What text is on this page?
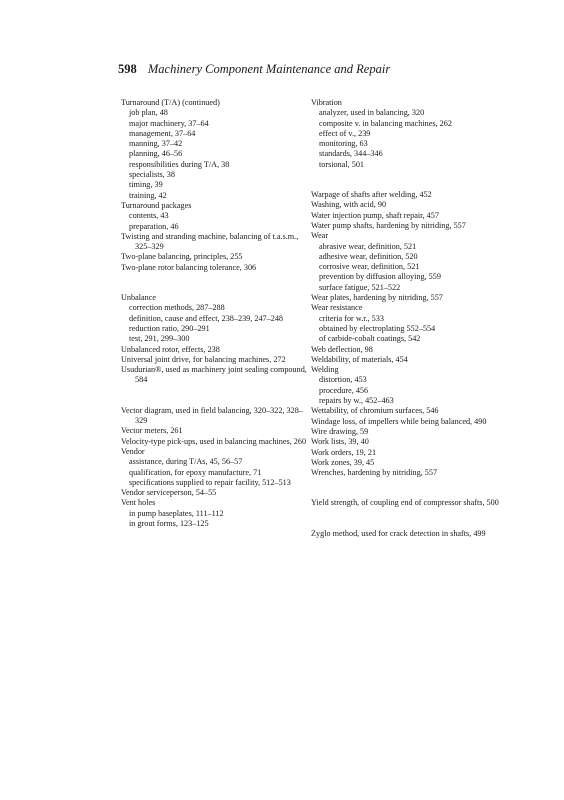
598 Machinery Component Maintenance and Repair
Turnaround (T/A) (continued)
job plan, 48
major machinery, 37–64
management, 37–64
manning, 37–42
planning, 46–56
responsibilities during T/A, 38
specialists, 38
timing, 39
training, 42
Turnaround packages
contents, 43
preparation, 46
Twisting and stranding machine, balancing of t.a.s.m., 325–329
Two-plane balancing, principles, 255
Two-plane rotor balancing tolerance, 306
Unbalance
correction methods, 287–288
definition, cause and effect, 238–239, 247–248
reduction ratio, 290–291
test, 291, 299–300
Unbalanced rotor, effects, 238
Universal joint drive, for balancing machines, 272
Usudurian®, used as machinery joint sealing compound, 584
Vector diagram, used in field balancing, 320–322, 328–329
Vector meters, 261
Velocity-type pick-ups, used in balancing machines, 260
Vendor
assistance, during T/As, 45, 56–57
qualification, for epoxy manufacture, 71
specifications supplied to repair facility, 512–513
Vendor serviceperson, 54–55
Vent holes
in pump baseplates, 111–112
in grout forms, 123–125
Vibration
analyzer, used in balancing, 320
composite v. in balancing machines, 262
effect of v., 239
monitoring, 63
standards, 344–346
torsional, 501
Warpage of shafts after welding, 452
Washing, with acid, 90
Water injection pump, shaft repair, 457
Water pump shafts, hardening by nitriding, 557
Wear
abrasive wear, definition, 521
adhesive wear, definition, 520
corrosive wear, definition, 521
prevention by diffusion alloying, 559
surface fatigue, 521–522
Wear plates, hardening by nitriding, 557
Wear resistance
criteria for w.r., 533
obtained by electroplating 552–554
of carbide-cobalt coatings, 542
Web deflection, 98
Weldability, of materials, 454
Welding
distortion, 453
procedure, 456
repairs by w., 452–463
Wettability, of chromium surfaces, 546
Windage loss, of impellers while being balanced, 490
Wire drawing, 59
Work lists, 39, 40
Work orders, 19, 21
Work zones, 39, 45
Wrenches, hardening by nitriding, 557
Yield strength, of coupling end of compressor shafts, 500
Zyglo method, used for crack detection in shafts, 499
